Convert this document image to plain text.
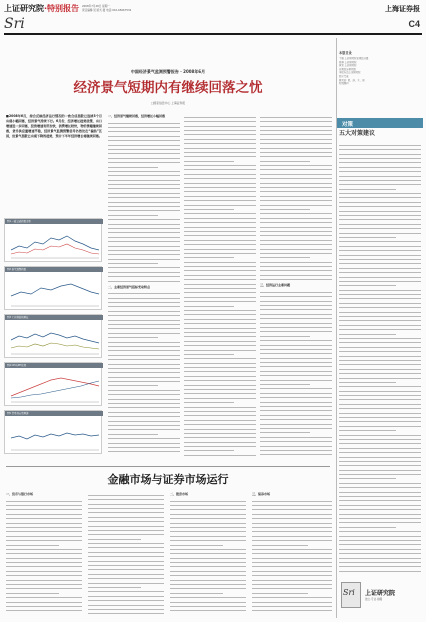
上证研究院·特别报告 2008年7月28日 星期一
责任编辑:吴 版式:夏 电话:010-65667532	上海证券报
Sri	C4
中国经济景气监测预警报告 · 2008年6月
经济景气短期内有继续回落之忧
□国家信息中心 上海证券报
■2008年6月，综合反映经济运行情况的一致合成指数已连续3个月出现小幅回落，经济景气持续下行。6月份，经济增长趋势放缓，出口增速进一步回落，投资增速有所加快，消费增长较快，物价涨幅继续回落，货币供应量增速平稳，经济景气监测预警信号仍然处在“偏热”区间，但景气指数已出现下降的趋势，预计下半年经济增长将继续回落。
图1 一致合成指数走势
图2 景气预警指数
图3 工业增加值增长
图4 CPI与PPI走势
图5 货币供应量增速
一、经济景气继续回落，经济增长小幅回落
二、主要经济景气指标变动特点	三、经济运行主要问题
金融市场与证券市场运行
一、货币与银行市场	二、股票市场	三、债券市场
本版目录
主编 上证研究院宏观经济组
统筹 上证研究院
执笔 上证研究院
宏观经济研究组
本报告由上证研究院
独立完成
研究员: 黄、孙、王、刘
特别顾问
对策
五大对策建议
Sri 上证研究院
独立·专业·前瞻
